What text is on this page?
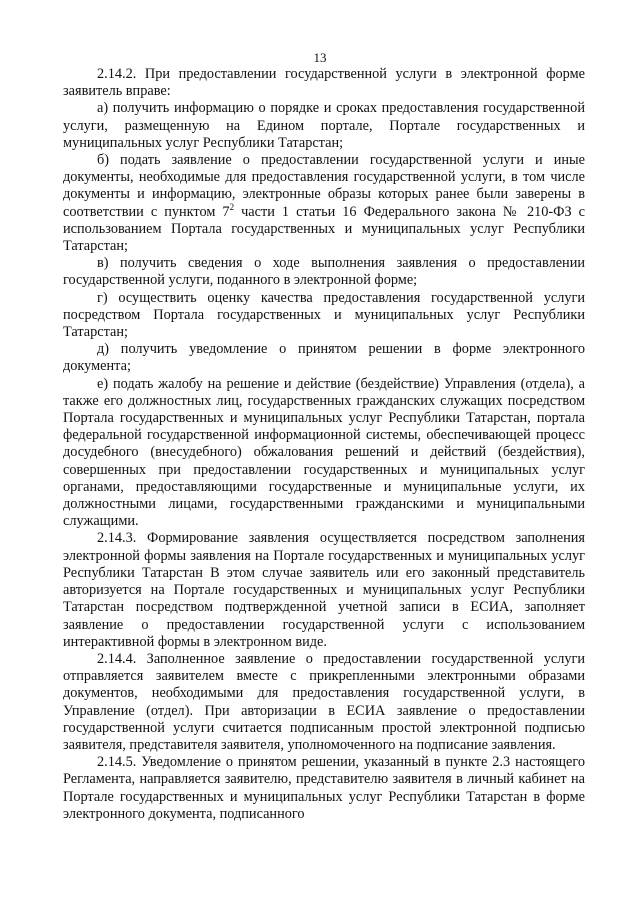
13

2.14.2. При предоставлении государственной услуги в электронной форме заявитель вправе:

а) получить информацию о порядке и сроках предоставления государственной услуги, размещенную на Едином портале, Портале государственных и муниципальных услуг Республики Татарстан;

б) подать заявление о предоставлении государственной услуги и иные документы, необходимые для предоставления государственной услуги, в том числе документы и информацию, электронные образы которых ранее были заверены в соответствии с пунктом $7^2$ части 1 статьи 16 Федерального закона № 210-ФЗ с использованием Портала государственных и муниципальных услуг Республики Татарстан;

в) получить сведения о ходе выполнения заявления о предоставлении государственной услуги, поданного в электронной форме;

г) осуществить оценку качества предоставления государственной услуги посредством Портала государственных и муниципальных услуг Республики Татарстан;

д) получить уведомление о принятом решении в форме электронного документа;

е) подать жалобу на решение и действие (бездействие) Управления (отдела), а также его должностных лиц, государственных гражданских служащих посредством Портала государственных и муниципальных услуг Республики Татарстан, портала федеральной государственной информационной системы, обеспечивающей процесс досудебного (внесудебного) обжалования решений и действий (бездействия), совершенных при предоставлении государственных и муниципальных услуг органами, предоставляющими государственные и муниципальные услуги, их должностными лицами, государственными гражданскими и муниципальными служащими.

2.14.3. Формирование заявления осуществляется посредством заполнения электронной формы заявления на Портале государственных и муниципальных услуг Республики Татарстан В этом случае заявитель или его законный представитель авторизуется на Портале государственных и муниципальных услуг Республики Татарстан посредством подтвержденной учетной записи в ЕСИА, заполняет заявление о предоставлении государственной услуги с использованием интерактивной формы в электронном виде.

2.14.4. Заполненное заявление о предоставлении государственной услуги отправляется заявителем вместе с прикрепленными электронными образами документов, необходимыми для предоставления государственной услуги, в Управление (отдел). При авторизации в ЕСИА заявление о предоставлении государственной услуги считается подписанным простой электронной подписью заявителя, представителя заявителя, уполномоченного на подписание заявления.

2.14.5. Уведомление о принятом решении, указанный в пункте 2.3 настоящего Регламента, направляется заявителю, представителю заявителя в личный кабинет на Портале государственных и муниципальных услуг Республики Татарстан в форме электронного документа, подписанного
